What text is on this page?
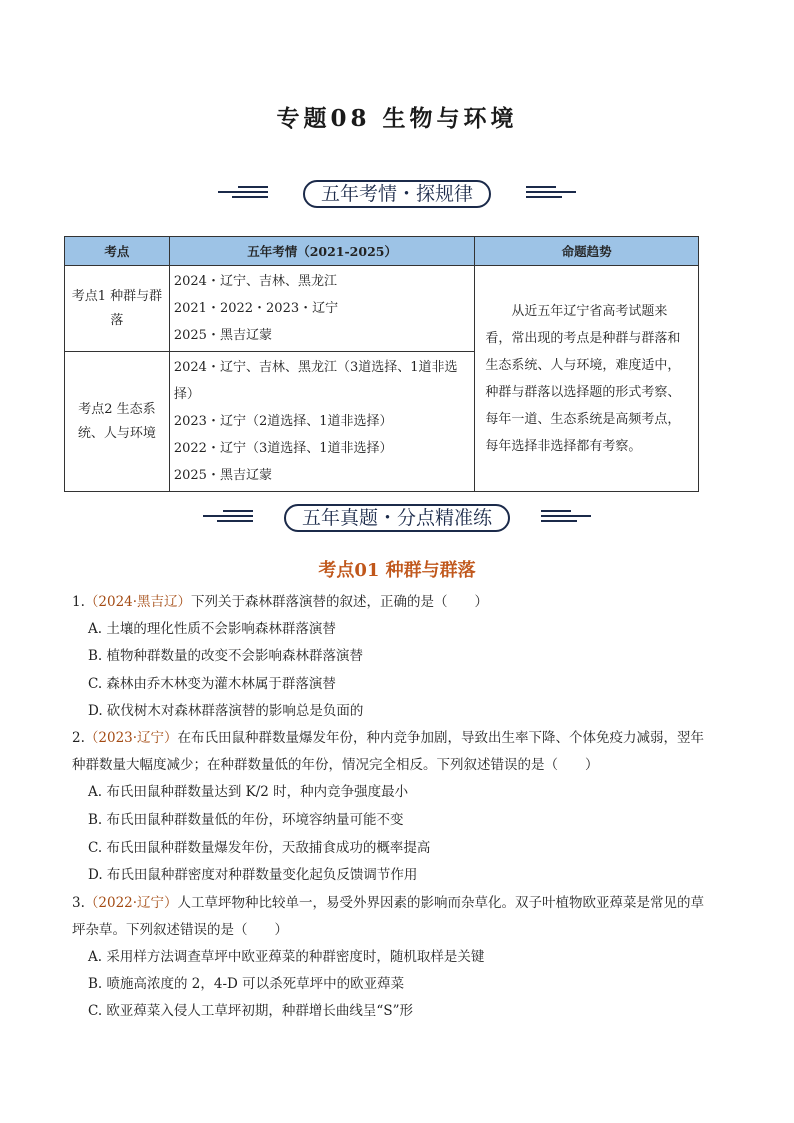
专题08 生物与环境
五年考情・探规律
考点	五年考情（2021-2025）	命题趋势
考点1 种群与群落	2024・辽宁、吉林、黑龙江
2021・2022・2023・辽宁
2025・黑吉辽蒙	从近五年辽宁省高考试题来看，常出现的考点是种群与群落和生态系统、人与环境，难度适中，种群与群落以选择题的形式考察、每年一道、生态系统是高频考点，每年选择非选择都有考察。
考点2 生态系统、人与环境	2024・辽宁、吉林、黑龙江（3道选择、1道非选择）
2023・辽宁（2道选择、1道非选择）
2022・辽宁（3道选择、1道非选择）
2025・黑吉辽蒙	
五年真题・分点精准练
考点01 种群与群落
1.（2024·黑吉辽）下列关于森林群落演替的叙述，正确的是（　　）
A. 土壤的理化性质不会影响森林群落演替
B. 植物种群数量的改变不会影响森林群落演替
C. 森林由乔木林变为灌木林属于群落演替
D. 砍伐树木对森林群落演替的影响总是负面的
2.（2023·辽宁）在布氏田鼠种群数量爆发年份，种内竞争加剧，导致出生率下降、个体免疫力减弱，翌年
种群数量大幅度减少；在种群数量低的年份，情况完全相反。下列叙述错误的是（　　）
A. 布氏田鼠种群数量达到 K/2 时，种内竞争强度最小
B. 布氏田鼠种群数量低的年份，环境容纳量可能不变
C. 布氏田鼠种群数量爆发年份，天敌捕食成功的概率提高
D. 布氏田鼠种群密度对种群数量变化起负反馈调节作用
3.（2022·辽宁）人工草坪物种比较单一，易受外界因素的影响而杂草化。双子叶植物欧亚蔊菜是常见的草
坪杂草。下列叙述错误的是（　　）
A. 采用样方法调查草坪中欧亚蔊菜的种群密度时，随机取样是关键
B. 喷施高浓度的 2，4-D 可以杀死草坪中的欧亚蔊菜
C. 欧亚蔊菜入侵人工草坪初期，种群增长曲线呈“S”形
